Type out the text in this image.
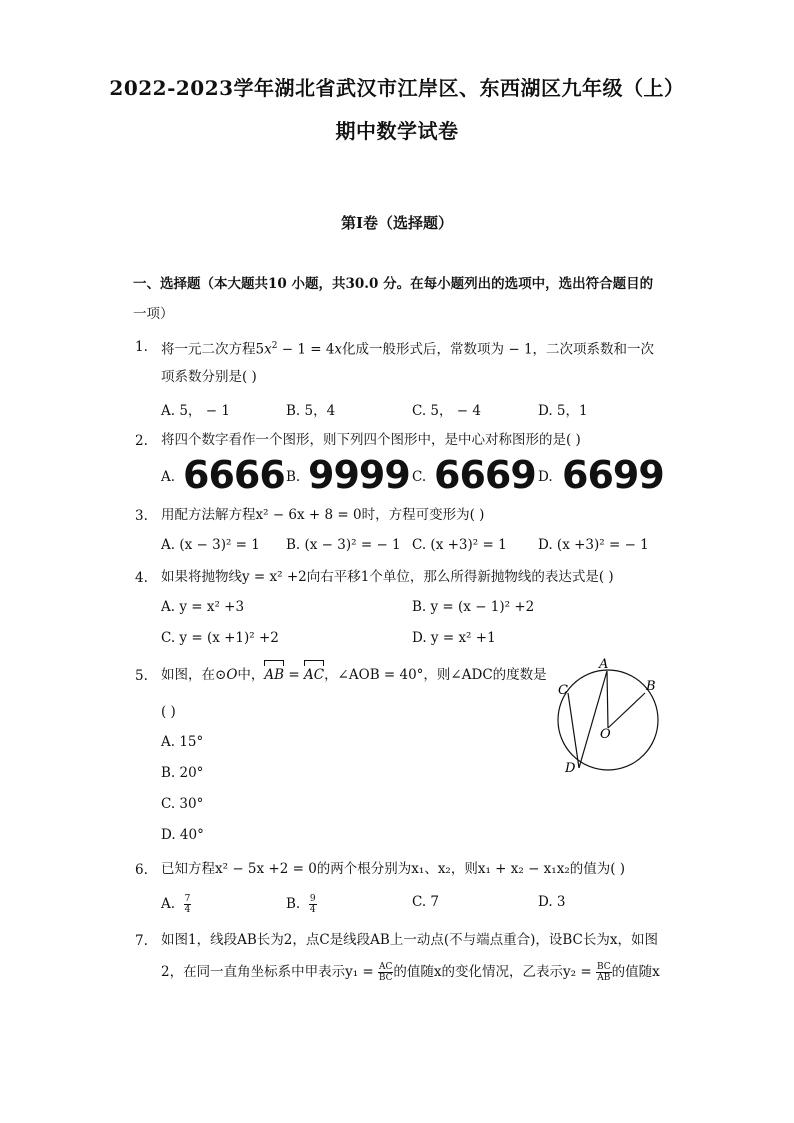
2022-2023学年湖北省武汉市江岸区、东西湖区九年级（上）
期中数学试卷
第I卷（选择题）
一、选择题（本大题共10 小题，共30.0 分。在每小题列出的选项中，选出符合题目的
一项）
1. 将一元二次方程$5x^2 - 1 = 4x$化成一般形式后，常数项为 − 1，二次项系数和一次
项系数分别是( )
A. 5， − 1	B. 5，4	C. 5， − 4	D. 5，1
2. 将四个数字看作一个图形，则下列四个图形中，是中心对称图形的是( )
A. 6666 B. 9999 C. 6669 D. 6699
3. 用配方法解方程x² − 6x + 8 = 0时，方程可变形为( )
A. (x − 3)² = 1 B. (x − 3)² = − 1 C. (x +3)² = 1 D. (x +3)² = − 1
4. 如果将抛物线y = x² +2向右平移1个单位，那么所得新抛物线的表达式是( )
A. y = x² +3	B. y = (x − 1)² +2
C. y = (x +1)² +2	D. y = x² +1
5. 如图，在⊙O中，AB = AC，∠AOB = 40°，则∠ADC的度数是
( )
A. 15°
B. 20°
C. 30°
D. 40°
A
B
C
D
O
6. 已知方程x² − 5x +2 = 0的两个根分别为x₁、x₂，则x₁ + x₂ − x₁x₂的值为( )
A. $\frac{7}{4}$	B. $\frac{9}{4}$	C. 7	D. 3
7. 如图1，线段AB长为2，点C是线段AB上一动点(不与端点重合)，设BC长为x，如图
2，在同一直角坐标系中甲表示$y_1 = \frac{AC}{BC}$ 的值随x的变化情况，乙表示$y_2 = \frac{BC}{AB}$ 的值随x
